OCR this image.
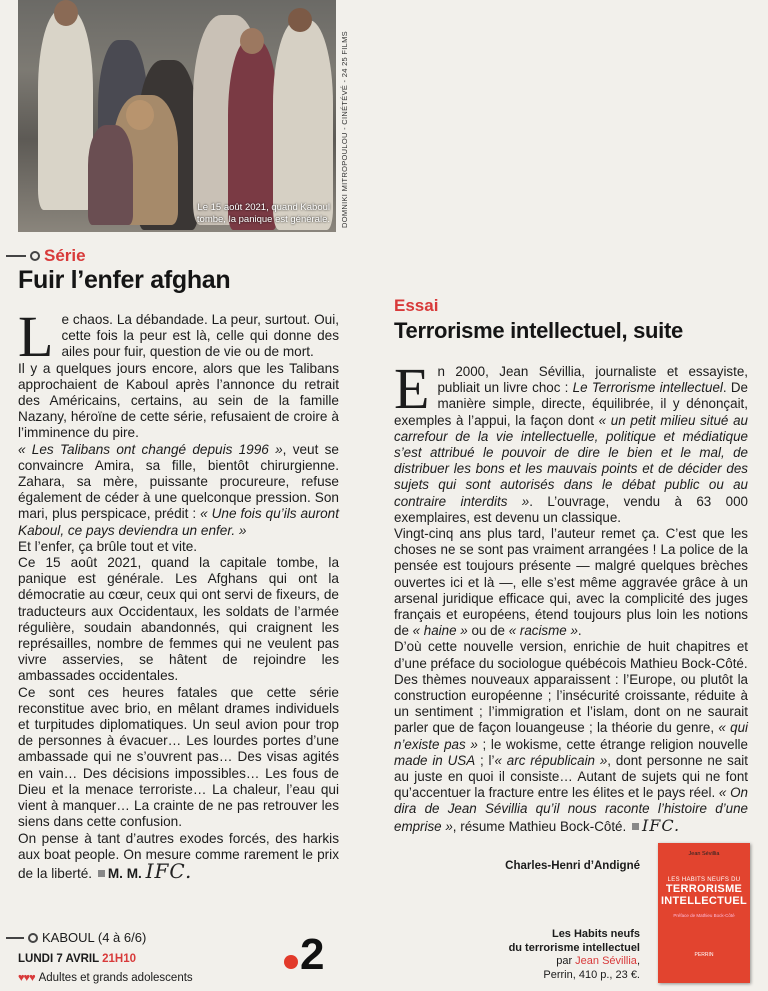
Le 15 août 2021, quand Kaboul tombe, la panique est générale. DOMNIKI MITROPOULOU - CINÉTÉVÉ - 24 25 FILMS
Série
Fuir l’enfer afghan

Le chaos. La débandade. La peur, surtout. Oui, cette fois la peur est là, celle qui donne des ailes pour fuir, question de vie ou de mort.

Il y a quelques jours encore, alors que les Talibans approchaient de Kaboul après l’annonce du retrait des Américains, certains, au sein de la famille Nazany, héroïne de cette série, refusaient de croire à l’imminence du pire.

« Les Talibans ont changé depuis 1996 », veut se convaincre Amira, sa fille, bientôt chirurgienne. Zahara, sa mère, puissante procureure, refuse également de céder à une quelconque pression. Son mari, plus perspicace, prédit : « Une fois qu’ils auront Kaboul, ce pays deviendra un enfer. »

Et l’enfer, ça brûle tout et vite.

Ce 15 août 2021, quand la capitale tombe, la panique est générale. Les Afghans qui ont la démocratie au cœur, ceux qui ont servi de fixeurs, de traducteurs aux Occidentaux, les soldats de l’armée régulière, soudain abandonnés, qui craignent les représailles, nombre de femmes qui ne veulent pas vivre asservies, se hâtent de rejoindre les ambassades occidentales.

Ce sont ces heures fatales que cette série reconstitue avec brio, en mêlant drames individuels et turpitudes diplomatiques. Un seul avion pour trop de personnes à évacuer… Les lourdes portes d’une ambassade qui ne s’ouvrent pas… Des visas agités en vain… Des décisions impossibles… Les fous de Dieu et la menace terroriste… La chaleur, l’eau qui vient à manquer… La crainte de ne pas retrouver les siens dans cette confusion.

On pense à tant d’autres exodes forcés, des harkis aux boat people. On mesure comme rarement le prix de la liberté. M. M. IFC.

KABOUL (4 à 6/6)
LUNDI 7 AVRIL 21H10
♥♥♥ Adultes et grands adolescents 2
Essai
Terrorisme intellectuel, suite

En 2000, Jean Sévillia, journaliste et essayiste, publiait un livre choc : Le Terrorisme intellectuel. De manière simple, directe, équilibrée, il y dénonçait, exemples à l’appui, la façon dont « un petit milieu situé au carrefour de la vie intellectuelle, politique et médiatique s’est attribué le pouvoir de dire le bien et le mal, de distribuer les bons et les mauvais points et de décider des sujets qui sont autorisés dans le débat public ou au contraire interdits ». L’ouvrage, vendu à 63 000 exemplaires, est devenu un classique.

Vingt-cinq ans plus tard, l’auteur remet ça. C’est que les choses ne se sont pas vraiment arrangées ! La police de la pensée est toujours présente — malgré quelques brèches ouvertes ici et là —, elle s’est même aggravée grâce à un arsenal juridique efficace qui, avec la complicité des juges français et européens, étend toujours plus loin les notions de « haine » ou de « racisme ».

D’où cette nouvelle version, enrichie de huit chapitres et d’une préface du sociologue québécois Mathieu Bock-Côté.

Des thèmes nouveaux apparaissent : l’Europe, ou plutôt la construction européenne ; l’insécurité croissante, réduite à un sentiment ; l’immigration et l’islam, dont on ne saurait parler que de façon louangeuse ; la théorie du genre, « qui n’existe pas » ; le wokisme, cette étrange religion nouvelle made in USA ; l’« arc républicain », dont personne ne sait au juste en quoi il consiste… Autant de sujets qui ne font qu’accentuer la fracture entre les élites et le pays réel. « On dira de Jean Sévillia qu’il nous raconte l’histoire d’une emprise », résume Mathieu Bock-Côté. IFC.

Charles-Henri d’Andigné
Les Habits neufs
du terrorisme intellectuel
par Jean Sévillia,
Perrin, 410 p., 23 €.
Jean Sévillia
LES HABITS NEUFS DU
TERRORISME
INTELLECTUEL
Préface de Mathieu Bock-Côté
PERRIN
